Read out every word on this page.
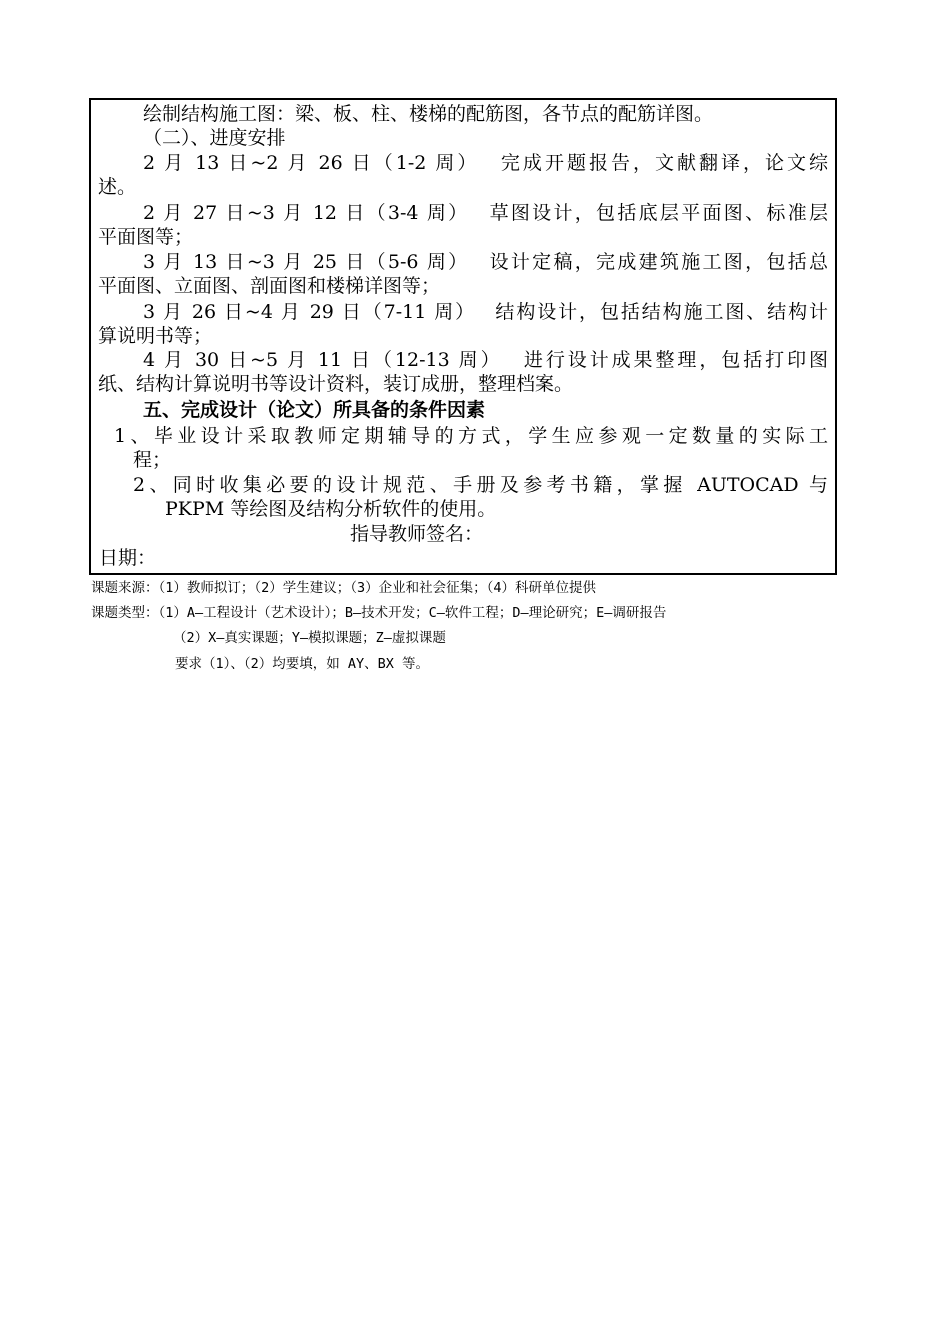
绘制结构施工图：梁、板、柱、楼梯的配筋图，各节点的配筋详图。
（二）、进度安排
2 月 13 日~2 月 26 日（1-2 周）　 完成开题报告，文献翻译，论文综
述。
2 月 27 日~3 月 12 日（3-4 周）　 草图设计，包括底层平面图、标准层
平面图等；
3 月 13 日~3 月 25 日（5-6 周）　 设计定稿，完成建筑施工图，包括总
平面图、立面图、剖面图和楼梯详图等；
3 月 26 日~4 月 29 日（7-11 周）　 结构设计，包括结构施工图、结构计
算说明书等；
4 月 30 日~5 月 11 日（12-13 周）　 进行设计成果整理，包括打印图
纸、结构计算说明书等设计资料，装订成册，整理档案。
五、完成设计（论文）所具备的条件因素
1、毕业设计采取教师定期辅导的方式，学生应参观一定数量的实际工
程；
2、同时收集必要的设计规范、手册及参考书籍，掌握 AUTOCAD 与
PKPM 等绘图及结构分析软件的使用。
指导教师签名：
日期：
课题来源：（1）教师拟订；（2）学生建议；（3）企业和社会征集；（4）科研单位提供
课题类型：（1）A—工程设计（艺术设计）；B—技术开发；C—软件工程；D—理论研究；E—调研报告
（2）X—真实课题；Y—模拟课题；Z—虚拟课题
要求（1）、（2）均要填，如 AY、BX 等。
